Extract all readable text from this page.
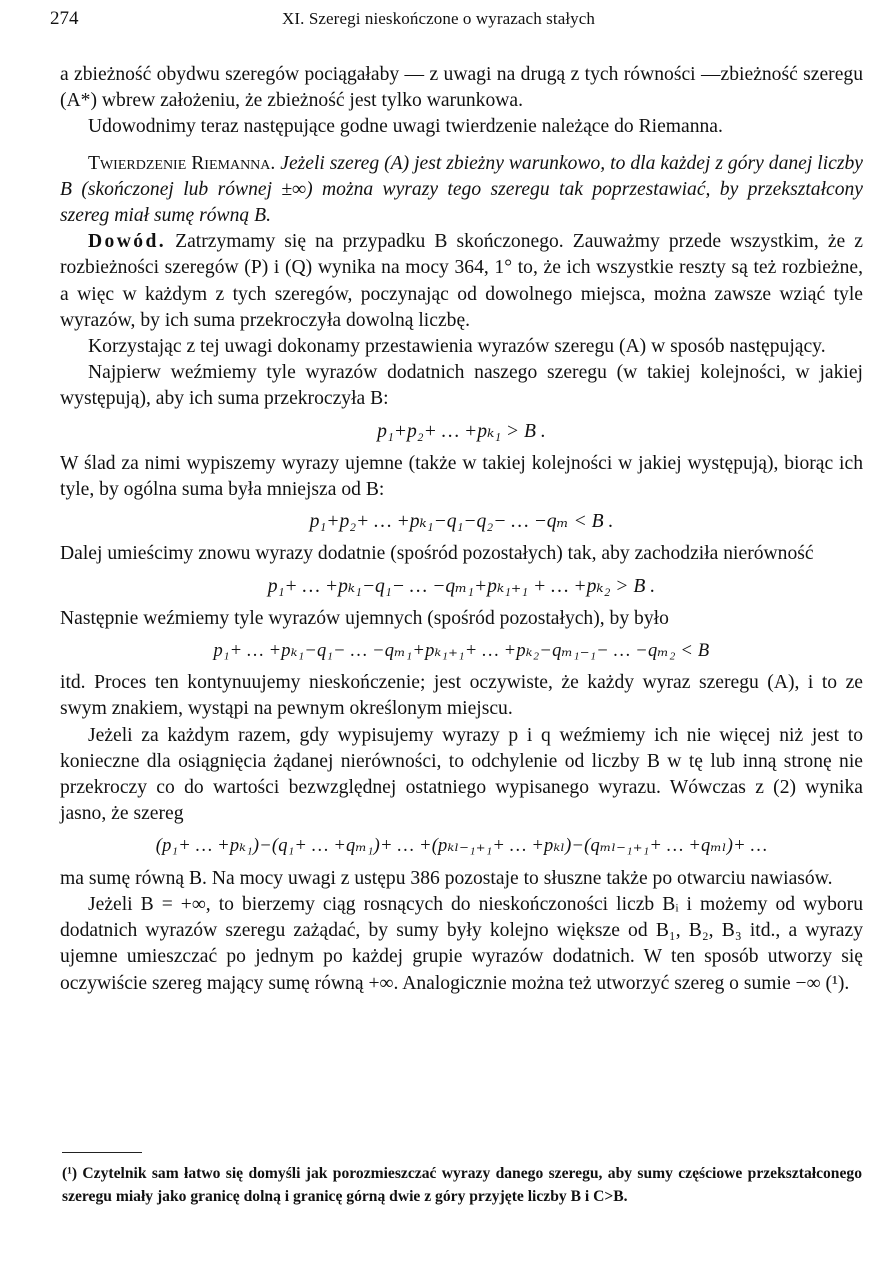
274	XI. Szeregi nieskończone o wyrazach stałych

a zbieżność obydwu szeregów pociągałaby — z uwagi na drugą z tych równości —zbieżność szeregu (A*) wbrew założeniu, że zbieżność jest tylko warunkowa.

Udowodnimy teraz następujące godne uwagi twierdzenie należące do Riemanna.

Twierdzenie Riemanna. Jeżeli szereg (A) jest zbieżny warunkowo, to dla każdej z góry danej liczby B (skończonej lub równej ±∞) można wyrazy tego szeregu tak poprzestawiać, by przekształcony szereg miał sumę równą B.

Dowód. Zatrzymamy się na przypadku B skończonego. Zauważmy przede wszystkim, że z rozbieżności szeregów (P) i (Q) wynika na mocy 364, 1° to, że ich wszystkie reszty są też rozbieżne, a więc w każdym z tych szeregów, poczynając od dowolnego miejsca, można zawsze wziąć tyle wyrazów, by ich suma przekroczyła dowolną liczbę.

Korzystając z tej uwagi dokonamy przestawienia wyrazów szeregu (A) w sposób następujący.

Najpierw weźmiemy tyle wyrazów dodatnich naszego szeregu (w takiej kolejności, w jakiej występują), aby ich suma przekroczyła B:

p₁+p₂+ … +pₖ₁ > B .

W ślad za nimi wypiszemy wyrazy ujemne (także w takiej kolejności w jakiej występują), biorąc ich tyle, by ogólna suma była mniejsza od B:

p₁+p₂+ … +pₖ₁−q₁−q₂− … −qₘ < B .

Dalej umieścimy znowu wyrazy dodatnie (spośród pozostałych) tak, aby zachodziła nierówność

p₁+ … +pₖ₁−q₁− … −qₘ₁+pₖ₁₊₁ + … +pₖ₂ > B .

Następnie weźmiemy tyle wyrazów ujemnych (spośród pozostałych), by było

p₁+ … +pₖ₁−q₁− … −qₘ₁+pₖ₁₊₁+ … +pₖ₂−qₘ₁₋₁− … −qₘ₂ < B

itd. Proces ten kontynuujemy nieskończenie; jest oczywiste, że każdy wyraz szeregu (A), i to ze swym znakiem, wystąpi na pewnym określonym miejscu.

Jeżeli za każdym razem, gdy wypisujemy wyrazy p i q weźmiemy ich nie więcej niż jest to konieczne dla osiągnięcia żądanej nierówności, to odchylenie od liczby B w tę lub inną stronę nie przekroczy co do wartości bezwzględnej ostatniego wypisanego wyrazu. Wówczas z (2) wynika jasno, że szereg

(p₁+ … +pₖ₁)−(q₁+ … +qₘ₁)+ … +(pₖₗ₋₁₊₁+ … +pₖₗ)−(qₘₗ₋₁₊₁+ … +qₘₗ)+ …

ma sumę równą B. Na mocy uwagi z ustępu 386 pozostaje to słuszne także po otwarciu nawiasów.

Jeżeli B = +∞, to bierzemy ciąg rosnących do nieskończoności liczb Bᵢ i możemy od wyboru dodatnich wyrazów szeregu zażądać, by sumy były kolejno większe od B₁, B₂, B₃ itd., a wyrazy ujemne umieszczać po jednym po każdej grupie wyrazów dodatnich. W ten sposób utworzy się oczywiście szereg mający sumę równą +∞. Analogicznie można też utworzyć szereg o sumie −∞ (¹).

(¹) Czytelnik sam łatwo się domyśli jak porozmieszczać wyrazy danego szeregu, aby sumy częściowe przekształconego szeregu miały jako granicę dolną i granicę górną dwie z góry przyjęte liczby B i C>B.
